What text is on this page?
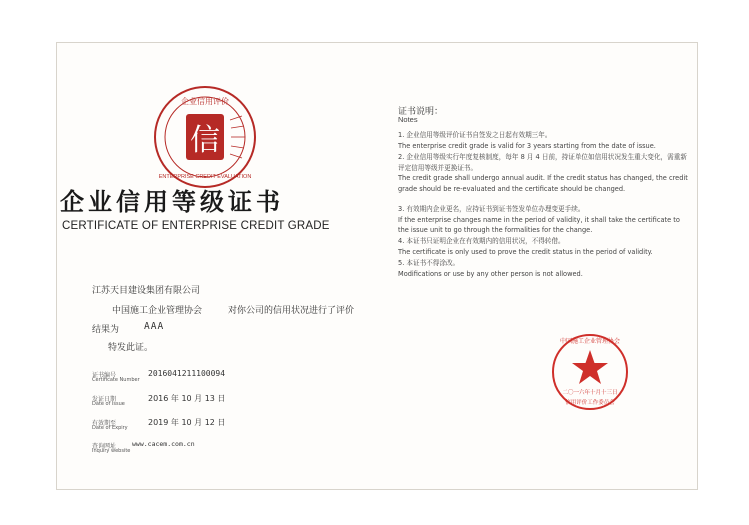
信
企业信用评价
ENTERPRISE CREDIT EVALUATION
企业信用等级证书
CERTIFICATE OF ENTERPRISE CREDIT GRADE
江苏天目建设集团有限公司
中国施工企业管理协会	对你公司的信用状况进行了评价
结果为	AAA
特发此证。
证书编号
Certificate Number
2016041211100094
发证日期
Date of Issue
2016 年 10 月 13 日
有效期至
Date of Expiry
2019 年 10 月 12 日
查询网址
Inquiry website
www.cacem.com.cn
证书说明：
Notes
1. 企业信用等级评价证书自签发之日起有效期三年。
The enterprise credit grade is valid for 3 years starting from the date of issue.
2. 企业信用等级实行年度复核制度，每年 8 月 4 日前，持证单位如信用状况发生重大变化，需重新评定信用等级并更换证书。
The credit grade shall undergo annual audit. If the credit status has changed, the credit grade should be re-evaluated and the certificate should be changed.
3. 有效期内企业更名，应持证书到证书签发单位办理变更手续。
If the enterprise changes name in the period of validity, it shall take the certificate to the issue unit to go through the formalities for the change.
4. 本证书只证明企业在有效期内的信用状况，不得转借。
The certificate is only used to prove the credit status in the period of validity.
5. 本证书不得涂改。
Modifications or use by any other person is not allowed.
中国施工企业管理协会
二〇一六年十月十三日
信用评价工作委员会
